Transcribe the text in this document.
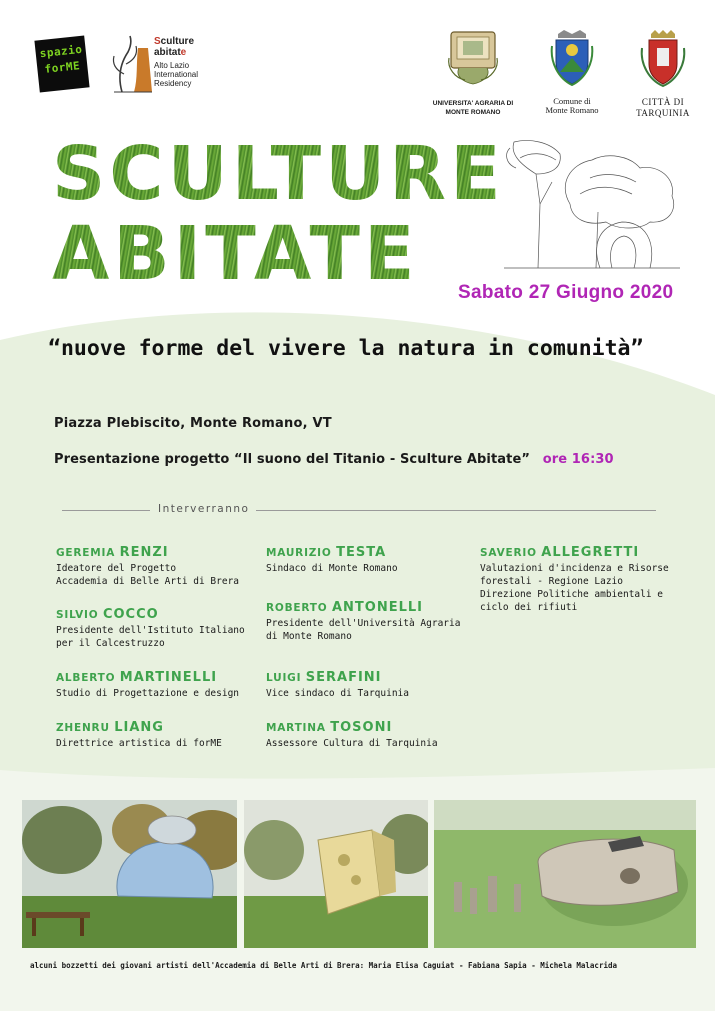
spazio
forME
Sculture
abitate
Alto Lazio
International
Residency
UNIVERSITA' AGRARIA DI
MONTE ROMANO
Comune di
Monte Romano
CITTÀ DI
TARQUINIA
SCULTURE
ABITATE	Sabato 27 Giugno 2020
“nuove forme del vivere la natura in comunità”
Piazza Plebiscito, Monte Romano, VT
Presentazione progetto “Il suono del Titanio - Sculture Abitate” ore 16:30
Interverranno
GEREMIA RENZI
Ideatore del Progetto
Accademia di Belle Arti di Brera
SILVIO COCCO
Presidente dell'Istituto Italiano
per il Calcestruzzo
ALBERTO MARTINELLI
Studio di Progettazione e design
ZHENRU LIANG
Direttrice artistica di forME
MAURIZIO TESTA
Sindaco di Monte Romano
ROBERTO ANTONELLI
Presidente dell'Università Agraria
di Monte Romano
LUIGI SERAFINI
Vice sindaco di Tarquinia
MARTINA TOSONI
Assessore Cultura di Tarquinia
SAVERIO ALLEGRETTI
Valutazioni d'incidenza e Risorse
forestali - Regione Lazio
Direzione Politiche ambientali e
ciclo dei rifiuti
alcuni bozzetti dei giovani artisti dell'Accademia di Belle Arti di Brera: Maria Elisa Caguiat - Fabiana Sapia - Michela Malacrida
